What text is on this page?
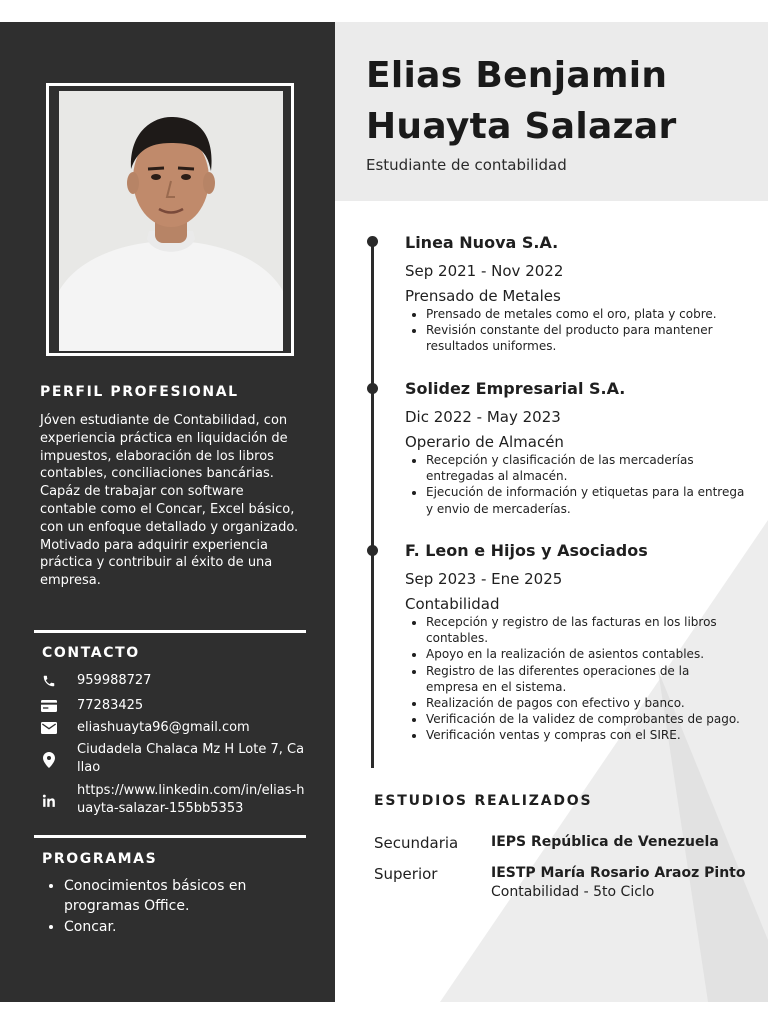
PERFIL PROFESIONAL
Jóven estudiante de Contabilidad, con experiencia práctica en liquidación de impuestos, elaboración de los libros contables, conciliaciones bancárias. Capáz de trabajar con software contable como el Concar, Excel básico, con un enfoque detallado y organizado. Motivado para adquirir experiencia práctica y contribuir al éxito de una empresa.
CONTACTO
959988727
77283425
eliashuayta96@gmail.com
Ciudadela Chalaca Mz H Lote 7, Callao
https://www.linkedin.com/in/elias-huayta-salazar-155bb5353
PROGRAMAS
• Conocimientos básicos en programas Office.
• Concar.
Elias Benjamin Huayta Salazar
Estudiante de contabilidad
Linea Nuova S.A.
Sep 2021 - Nov 2022
Prensado de Metales
• Prensado de metales como el oro, plata y cobre.
• Revisión constante del producto para mantener resultados uniformes.
Solidez Empresarial S.A.
Dic 2022 - May 2023
Operario de Almacén
• Recepción y clasificación de las mercaderías entregadas al almacén.
• Ejecución de información y etiquetas para la entrega y envio de mercaderías.
F. Leon e Hijos y Asociados
Sep 2023 - Ene 2025
Contabilidad
• Recepción y registro de las facturas en los libros contables.
• Apoyo en la realización de asientos contables.
• Registro de las diferentes operaciones de la empresa en el sistema.
• Realización de pagos con efectivo y banco.
• Verificación de la validez de comprobantes de pago.
• Verificación ventas y compras con el SIRE.
ESTUDIOS REALIZADOS
Secundaria IEPS República de Venezuela
Superior	IESTP María Rosario Araoz Pinto
Contabilidad - 5to Ciclo
